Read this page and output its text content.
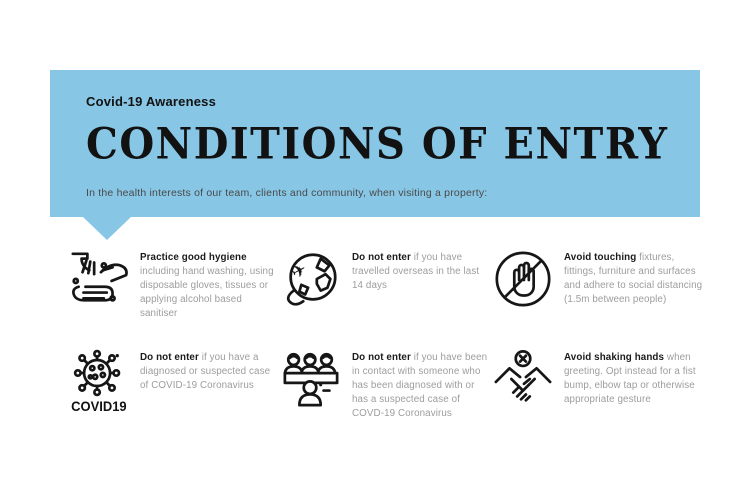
Covid-19 Awareness
CONDITIONS OF ENTRY
In the health interests of our team, clients and community, when visiting a property:
Practice good hygiene including hand washing, using disposable gloves, tissues or applying alcohol based sanitiser
✈
Do not enter if you have travelled overseas in the last 14 days
Avoid touching fixtures, fittings, furniture and surfaces and adhere to social distancing (1.5m between people)
COVID19
Do not enter if you have a diagnosed or suspected case of COVID-19 Coronavirus
Do not enter if you have been in contact with someone who has been diagnosed with or has a suspected case of COVD-19 Coronavirus
Avoid shaking hands when greeting. Opt instead for a fist bump, elbow tap or otherwise appropriate gesture
